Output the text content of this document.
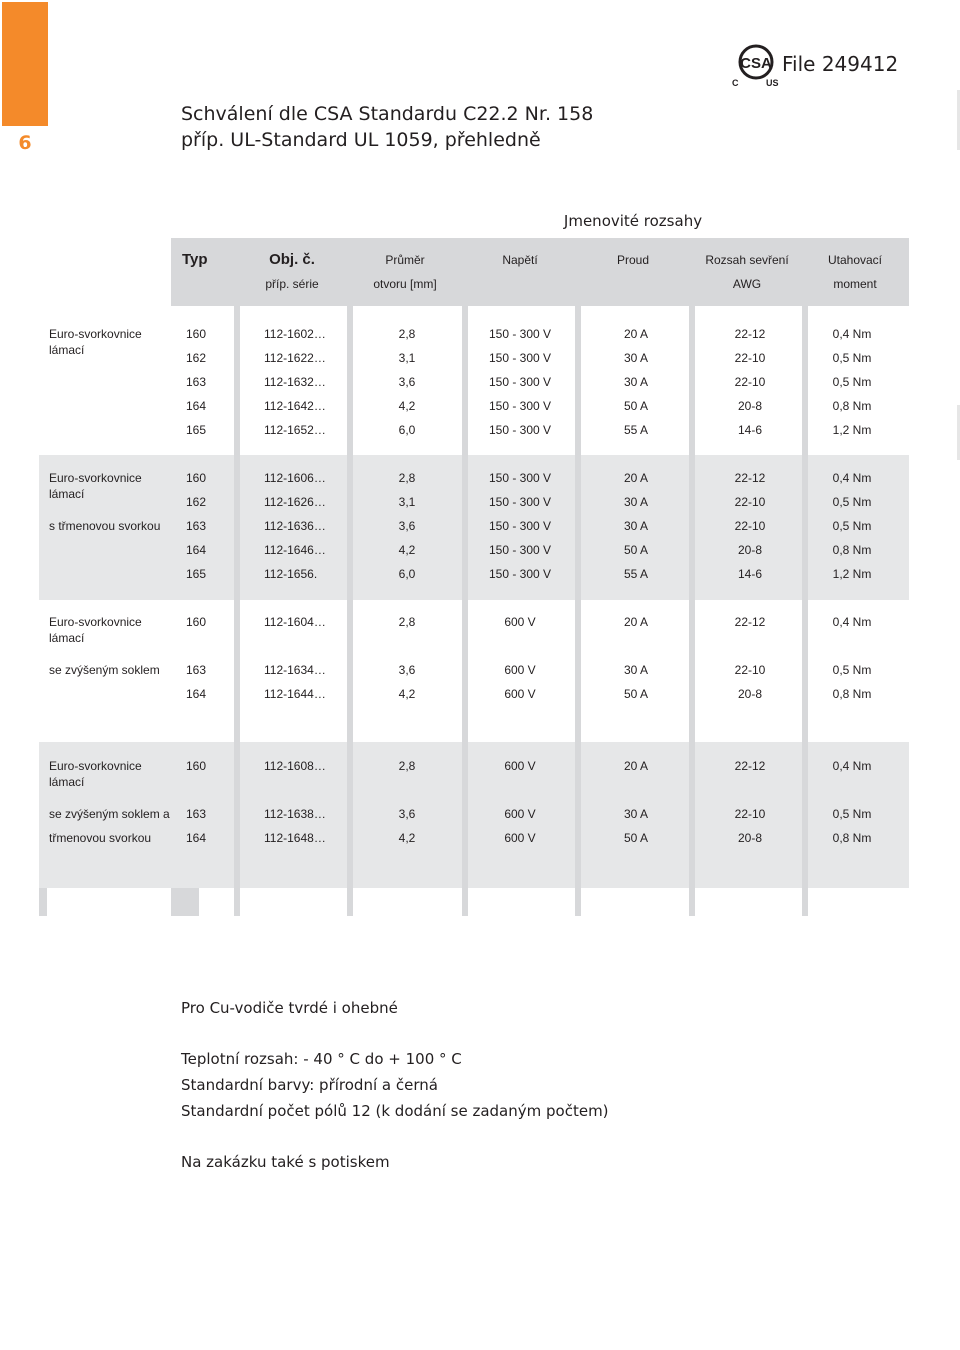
6
Schválení dle CSA Standardu C22.2 Nr. 158
příp. UL-Standard UL 1059, přehledně
CSA
C	US
File 249412
Jmenovité rozsahy
Typ	Obj. č.
příp. série
Průměr
otvoru [mm]
Napětí	Proud	Rozsah sevření
AWG
Utahovací
moment
Euro-svorkovnice
lámací
160	112-1602…	2,8	150 - 300 V	20 A	22-12	0,4 Nm
162	112-1622…	3,1	150 - 300 V	30 A	22-10	0,5 Nm
163	112-1632…	3,6	150 - 300 V	30 A	22-10	0,5 Nm
164	112-1642…	4,2	150 - 300 V	50 A	20-8	0,8 Nm
165	112-1652…	6,0	150 - 300 V	55 A	14-6	1,2 Nm
Euro-svorkovnice
lámací
s třmenovou svorkou
160	112-1606…	2,8	150 - 300 V	20 A	22-12	0,4 Nm
162	112-1626…	3,1	150 - 300 V	30 A	22-10	0,5 Nm
163	112-1636…	3,6	150 - 300 V	30 A	22-10	0,5 Nm
164	112-1646…	4,2	150 - 300 V	50 A	20-8	0,8 Nm
165	112-1656.	6,0	150 - 300 V	55 A	14-6	1,2 Nm
Euro-svorkovnice
lámací
se zvýšeným soklem
160	112-1604…	2,8	600 V	20 A	22-12	0,4 Nm
163	112-1634…	3,6	600 V	30 A	22-10	0,5 Nm
164	112-1644…	4,2	600 V	50 A	20-8	0,8 Nm
Euro-svorkovnice
lámací
se zvýšeným soklem a
třmenovou svorkou
160	112-1608…	2,8	600 V	20 A	22-12	0,4 Nm
163	112-1638…	3,6	600 V	30 A	22-10	0,5 Nm
164	112-1648…	4,2	600 V	50 A	20-8	0,8 Nm
Pro Cu-vodiče tvrdé i ohebné
Teplotní rozsah: - 40 ° C do + 100 ° C
Standardní barvy: přírodní a černá
Standardní počet pólů 12 (k dodání se zadaným počtem)
Na zakázku také s potiskem
